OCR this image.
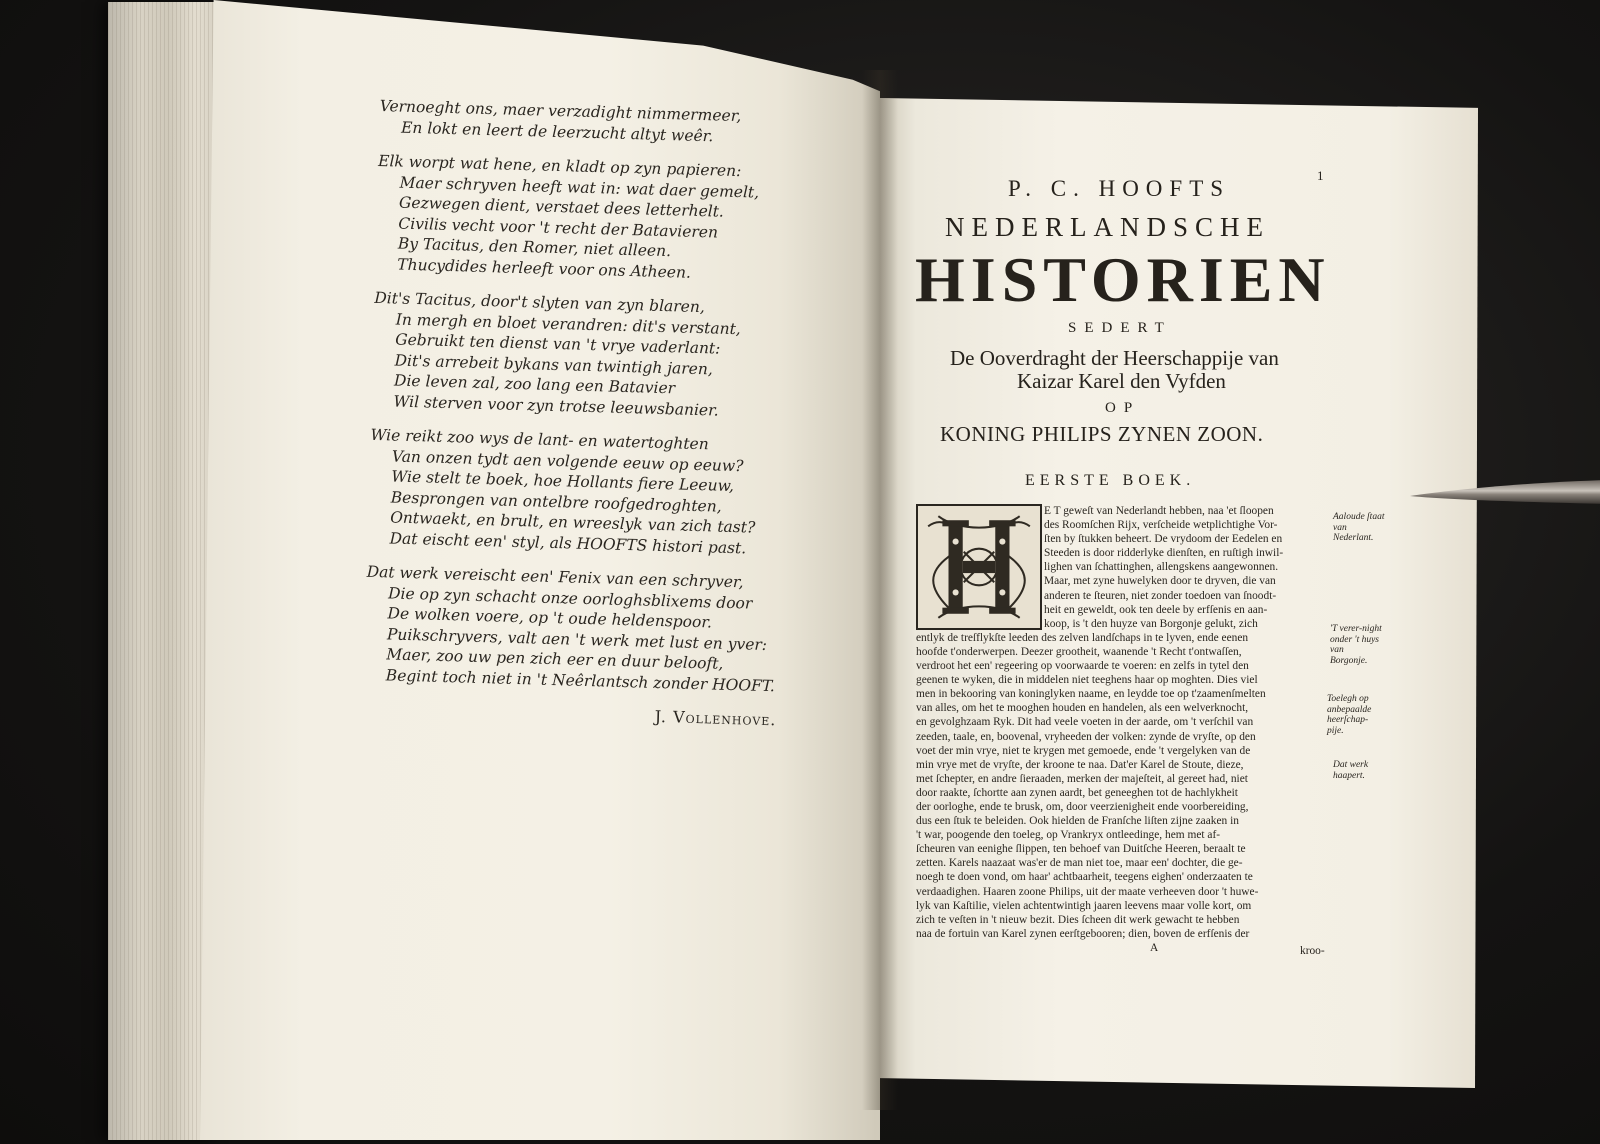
Vernoeght ons, maer verzadight nimmermeer,
En lokt en leert de leerzucht altyt weêr.
Elk worpt wat hene, en kladt op zyn papieren:
Maer schryven heeft wat in: wat daer gemelt,
Gezwegen dient, verstaet dees letterhelt.
Civilis vecht voor 't recht der Batavieren
By Tacitus, den Romer, niet alleen.
Thucydides herleeft voor ons Atheen.
Dit's Tacitus, door't slyten van zyn blaren,
In mergh en bloet verandren: dit's verstant,
Gebruikt ten dienst van 't vrye vaderlant:
Dit's arrebeit bykans van twintigh jaren,
Die leven zal, zoo lang een Batavier
Wil sterven voor zyn trotse leeuwsbanier.
Wie reikt zoo wys de lant- en watertoghten
Van onzen tydt aen volgende eeuw op eeuw?
Wie stelt te boek, hoe Hollants fiere Leeuw,
Besprongen van ontelbre roofgedroghten,
Ontwaekt, en brult, en wreeslyk van zich tast?
Dat eischt een' styl, als HOOFTS histori past.
Dat werk vereischt een' Fenix van een schryver,
Die op zyn schacht onze oorloghsblixems door
De wolken voere, op 't oude heldenspoor.
Puikschryvers, valt aen 't werk met lust en yver:
Maer, zoo uw pen zich eer en duur belooft,
Begint toch niet in 't Neêrlantsch zonder HOOFT.
J. Vollenhove.
1
P. C. HOOFTS
NEDERLANDSCHE
HISTORIEN
SEDERT
De Ooverdraght der Heerschappije van
Kaizar Karel den Vyfden
OP
KONING PHILIPS ZYNEN ZOON.
EERSTE BOEK.
E T geweſt van Nederlandt hebben, naa 'et ſloopen
des Roomſchen Rijx, verſcheide wetplichtighe Vor-
ſten by ſtukken beheert. De vrydoom der Eedelen en
Steeden is door ridderlyke dienſten, en ruſtigh inwil-
lighen van ſchattinghen, allengskens aangewonnen.
Maar, met zyne huwelyken door te dryven, die van
anderen te ſteuren, niet zonder toedoen van ſnoodt-
heit en geweldt, ook ten deele by erfſenis en aan-
koop, is 't den huyze van Borgonje gelukt, zich
entlyk de treſflykſte leeden des zelven landſchaps in te lyven, ende eenen
hoofde t'onderwerpen. Deezer grootheit, waanende 't Recht t'ontwaſſen,
verdroot het een' regeering op voorwaarde te voeren: en zelfs in tytel den
geenen te wyken, die in middelen niet teeghens haar op moghten. Dies viel
men in bekooring van koninglyken naame, en leydde toe op t'zaamenſmelten
van alles, om het te mooghen houden en handelen, als een welverknocht,
en gevolghzaam Ryk. Dit had veele voeten in der aarde, om 't verſchil van
zeeden, taale, en, boovenal, vryheeden der volken: zynde de vryſte, op den
voet der min vrye, niet te krygen met gemoede, ende 't vergelyken van de
min vrye met de vryſte, der kroone te naa. Dat'er Karel de Stoute, dieze,
met ſchepter, en andre ſieraaden, merken der majeſteit, al gereet had, niet
door raakte, ſchortte aan zynen aardt, bet geneeghen tot de hachlykheit
der oorloghe, ende te brusk, om, door veerzienigheit ende voorbereiding,
dus een ſtuk te beleiden. Ook hielden de Franſche liſten zijne zaaken in
't war, poogende den toeleg, op Vrankryx ontleedinge, hem met af-
ſcheuren van eenighe ſlippen, ten behoef van Duitſche Heeren, beraalt te
zetten. Karels naazaat was'er de man niet toe, maar een' dochter, die ge-
noegh te doen vond, om haar' achtbaarheit, teegens eighen' onderzaaten te
verdaadighen. Haaren zoone Philips, uit der maate verheeven door 't huwe-
lyk van Kaſtilie, vielen achtentwintigh jaaren leevens maar volle kort, om
zich te veſten in 't nieuw bezit. Dies ſcheen dit werk gewacht te hebben
naa de fortuin van Karel zynen eerſtgebooren; dien, boven de erfſenis der
Aaloude ſtaat van Nederlant.
'T verer-night onder 't huys van Borgonje.
Toelegh op anbepaalde heerſchap-pije.
Dat werk haapert.
A	kroo-
